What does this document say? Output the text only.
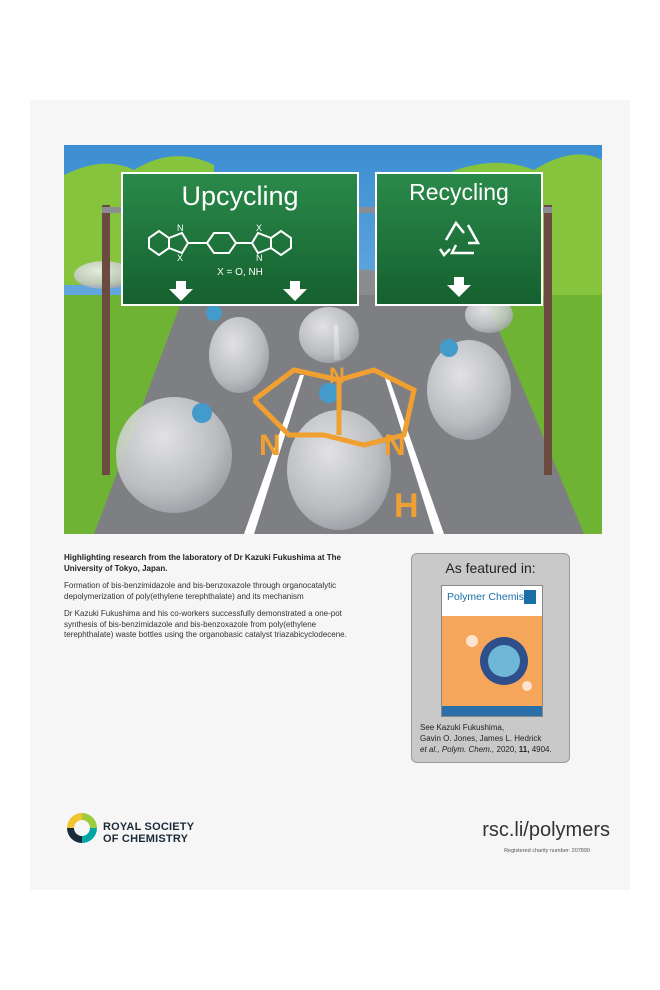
N
N	N
H
Upcycling
N
X
X
N
X = O, NH
Recycling

Highlighting research from the laboratory of Dr Kazuki Fukushima at The University of Tokyo, Japan.

Formation of bis-benzimidazole and bis-benzoxazole through organocatalytic depolymerization of poly(ethylene terephthalate) and its mechanism

Dr Kazuki Fukushima and his co-workers successfully demonstrated a one-pot synthesis of bis-benzimidazole and bis-benzoxazole from poly(ethylene terephthalate) waste bottles using the organobasic catalyst triazabicyclodecene.

As featured in:
Polymer Chemistry
See Kazuki Fukushima,
Gavin O. Jones, James L. Hedrick
et al., Polym. Chem., 2020, 11, 4904.
ROYAL SOCIETY
OF CHEMISTRY	rsc.li/polymers
Registered charity number: 207890
